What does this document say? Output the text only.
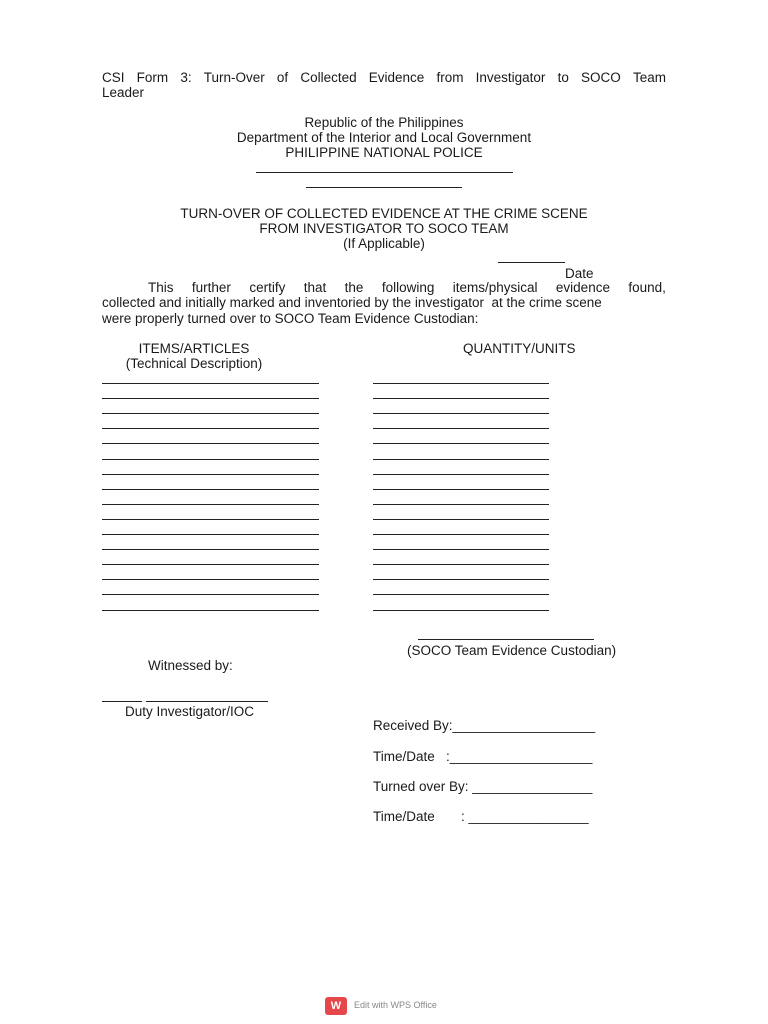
CSI Form 3: Turn-Over of Collected Evidence from Investigator to SOCO Team
Leader
Republic of the Philippines
Department of the Interior and Local Government
PHILIPPINE NATIONAL POLICE
TURN-OVER OF COLLECTED EVIDENCE AT THE CRIME SCENE
FROM INVESTIGATOR TO SOCO TEAM
(If Applicable)
Date
This further certify that the following items/physical evidence found,
collected and initially marked and inventoried by the investigator  at the crime scene
were properly turned over to SOCO Team Evidence Custodian:
ITEMS/ARTICLES
(Technical Description)
QUANTITY/UNITS
(SOCO Team Evidence Custodian)
Witnessed by:
Duty Investigator/IOC
Received By:___________________
Time/Date   :___________________
Turned over By: ________________
Time/Date       : ________________
W	Edit with WPS Office
